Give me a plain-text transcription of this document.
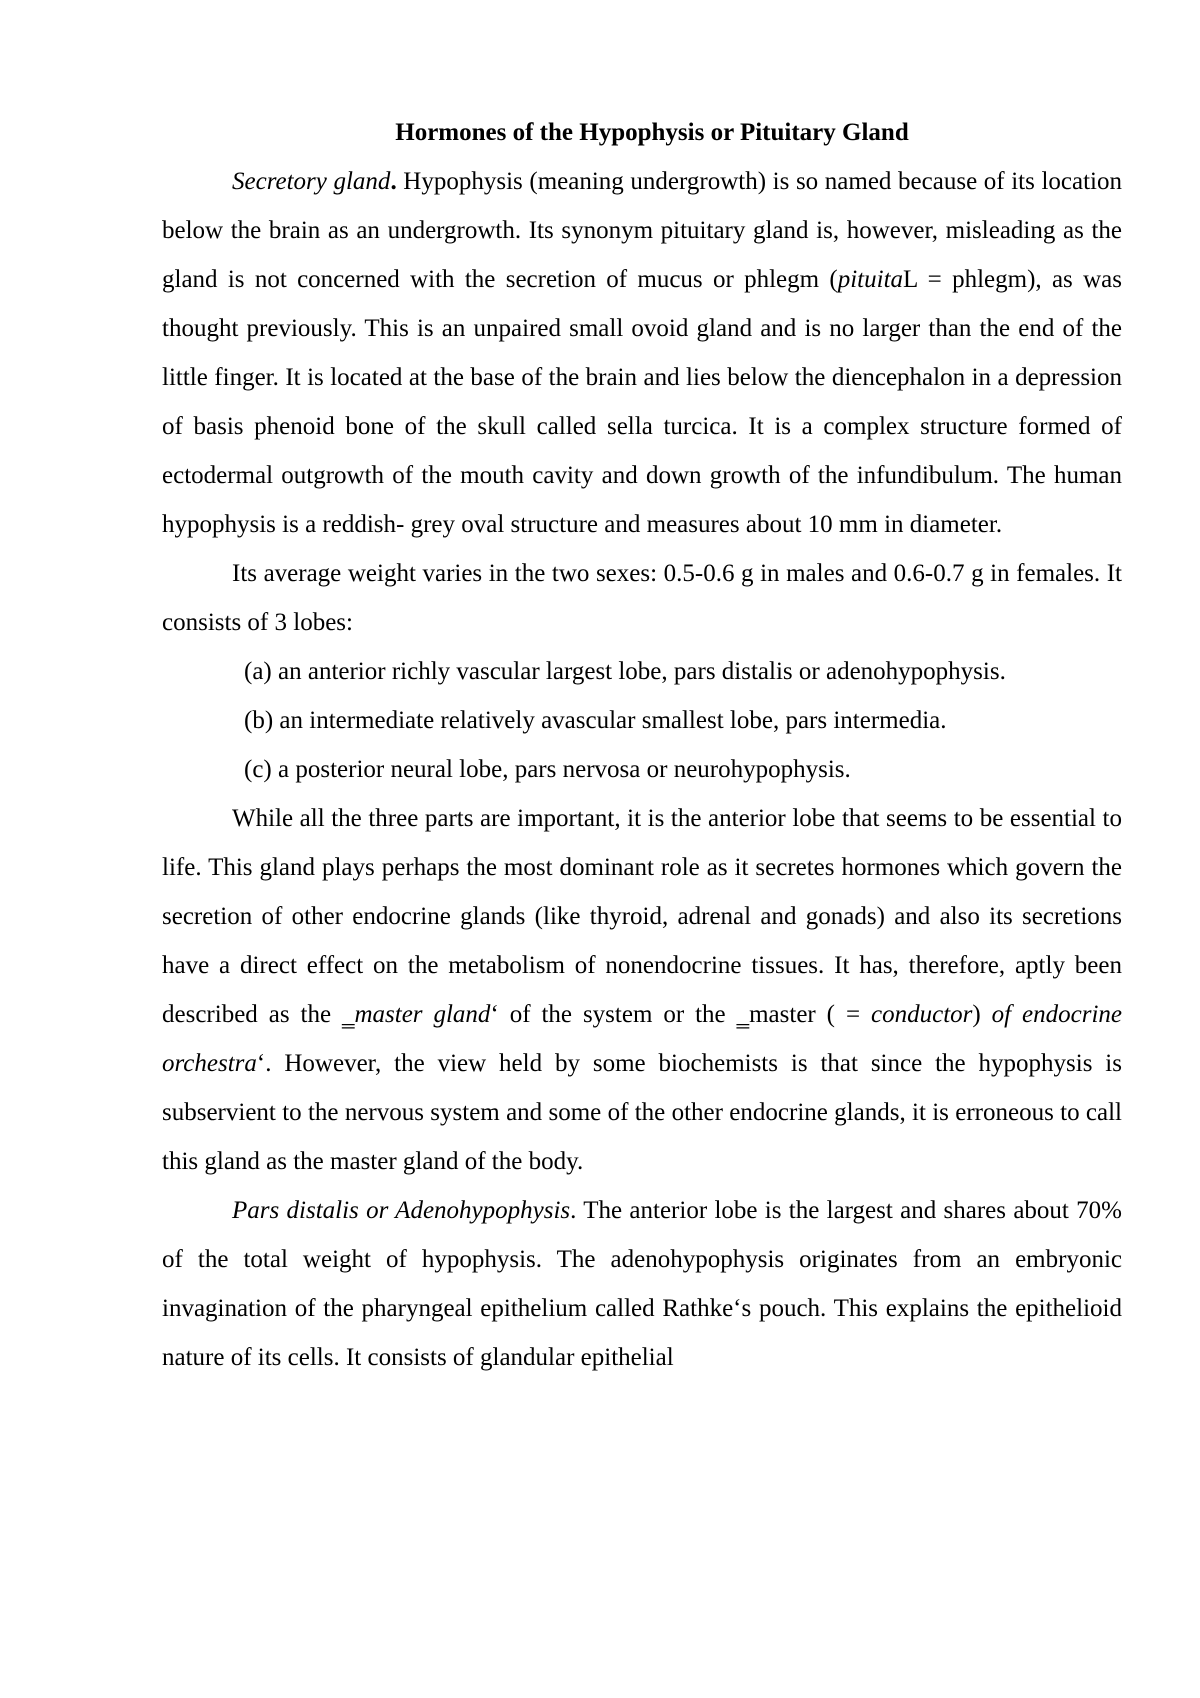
Hormones of the Hypophysis or Pituitary Gland

Secretory gland. Hypophysis (meaning undergrowth) is so named because of its location below the brain as an undergrowth. Its synonym pituitary gland is, however, misleading as the gland is not concerned with the secretion of mucus or phlegm (pituitaL = phlegm), as was thought previously. This is an unpaired small ovoid gland and is no larger than the end of the little finger. It is located at the base of the brain and lies below the diencephalon in a depression of basis phenoid bone of the skull called sella turcica. It is a complex structure formed of ectodermal outgrowth of the mouth cavity and down growth of the infundibulum. The human hypophysis is a reddish- grey oval structure and measures about 10 mm in diameter.

Its average weight varies in the two sexes: 0.5-0.6 g in males and 0.6-0.7 g in females. It consists of 3 lobes:

(a) an anterior richly vascular largest lobe, pars distalis or adenohypophysis.
(b) an intermediate relatively avascular smallest lobe, pars intermedia.
(c) a posterior neural lobe, pars nervosa or neurohypophysis.

While all the three parts are important, it is the anterior lobe that seems to be essential to life. This gland plays perhaps the most dominant role as it secretes hormones which govern the secretion of other endocrine glands (like thyroid, adrenal and gonads) and also its secretions have a direct effect on the metabolism of nonendocrine tissues. It has, therefore, aptly been described as the ‗master gland‘ of the system or the ‗master ( = conductor) of endocrine orchestra‘. However, the view held by some biochemists is that since the hypophysis is subservient to the nervous system and some of the other endocrine glands, it is erroneous to call this gland as the master gland of the body.

Pars distalis or Adenohypophysis. The anterior lobe is the largest and shares about 70% of the total weight of hypophysis. The adenohypophysis originates from an embryonic invagination of the pharyngeal epithelium called Rathke‘s pouch. This explains the epithelioid nature of its cells. It consists of glandular epithelial
